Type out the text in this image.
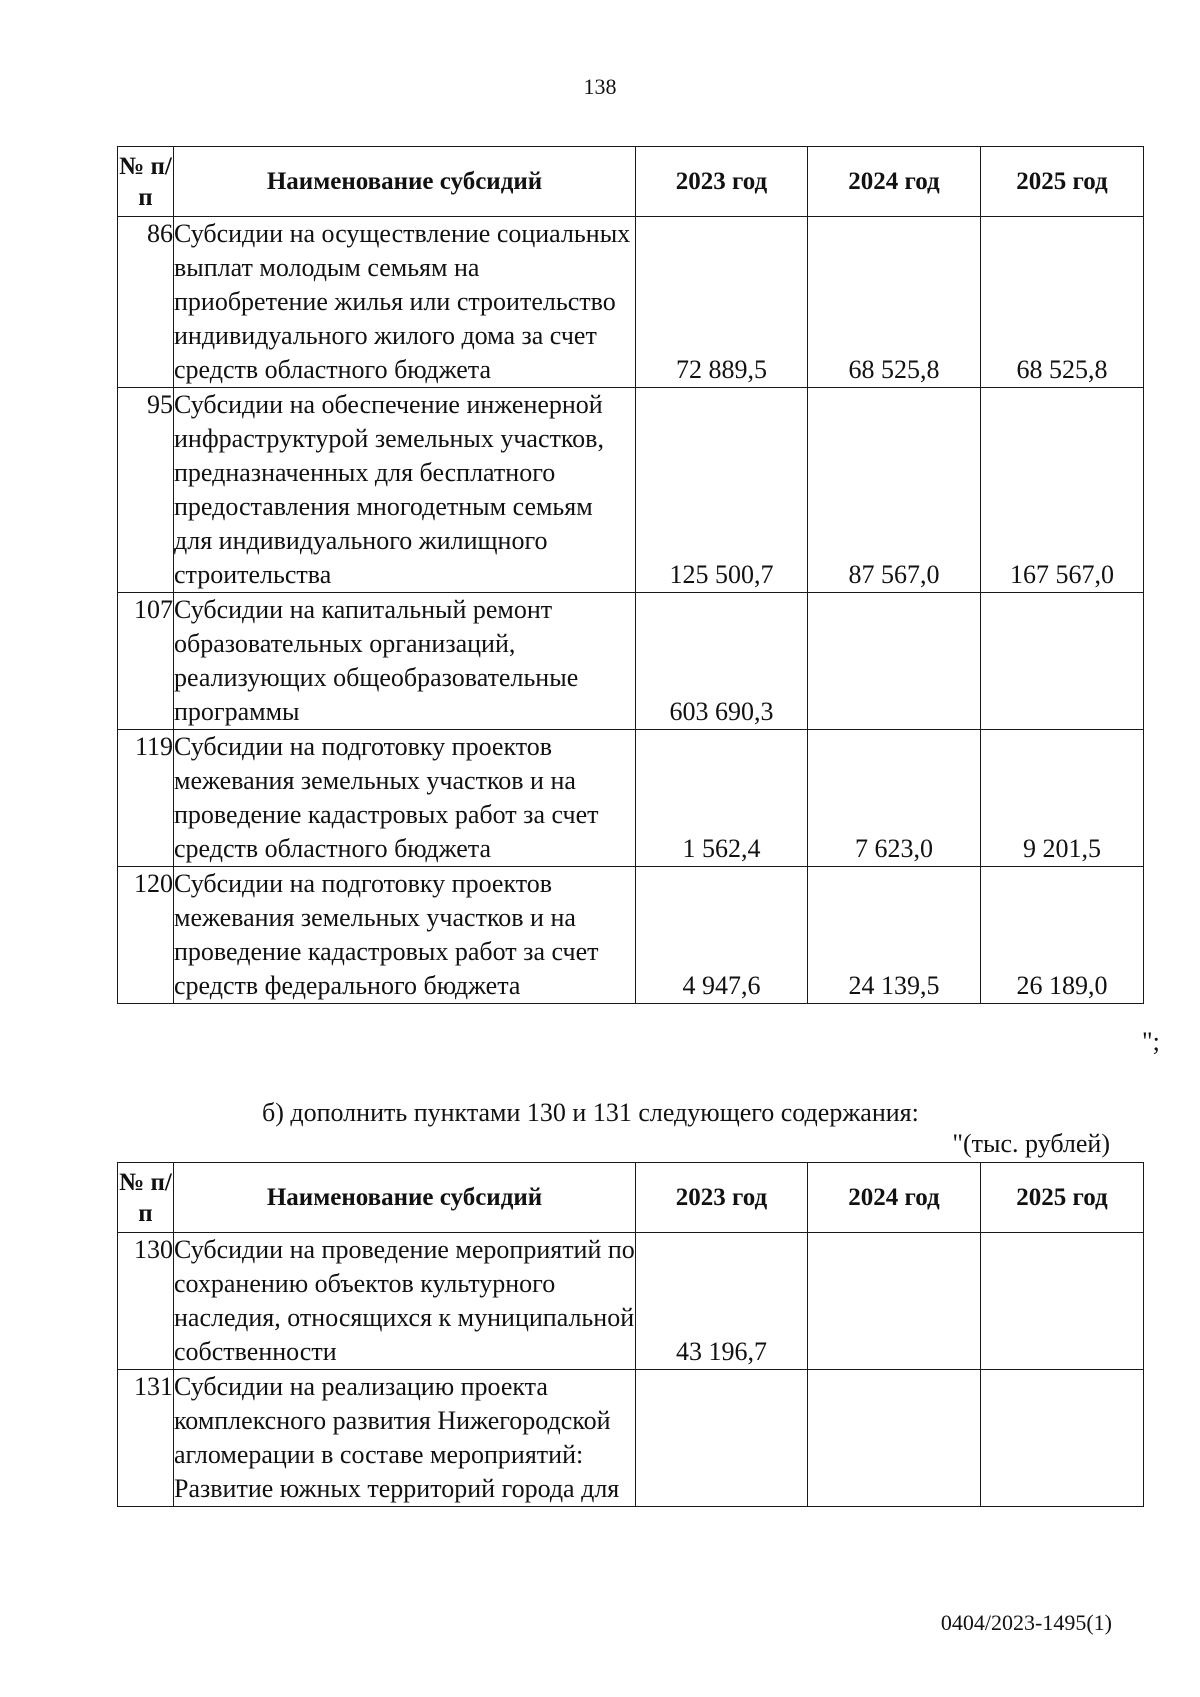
138
№ п/п	Наименование субсидий	2023 год	2024 год	2025 год
86	Субсидии на осуществление социальных выплат молодым семьям на приобретение жилья или строительство индивидуального жилого дома за счет средств областного бюджета	72 889,5	68 525,8	68 525,8
95	Субсидии на обеспечение инженерной инфраструктурой земельных участков, предназначенных для бесплатного предоставления многодетным семьям для индивидуального жилищного строительства	125 500,7	87 567,0	167 567,0
107	Субсидии на капитальный ремонт образовательных организаций, реализующих общеобразовательные программы	603 690,3		
119	Субсидии на подготовку проектов межевания земельных участков и на проведение кадастровых работ за счет средств областного бюджета	1 562,4	7 623,0	9 201,5
120	Субсидии на подготовку проектов межевания земельных участков и на проведение кадастровых работ за счет средств федерального бюджета	4 947,6	24 139,5	26 189,0
";
б) дополнить пунктами 130 и 131 следующего содержания:
"(тыс. рублей)
№ п/п	Наименование субсидий	2023 год	2024 год	2025 год
130	Субсидии на проведение мероприятий по сохранению объектов культурного наследия, относящихся к муниципальной собственности	43 196,7		
131	Субсидии на реализацию проекта комплексного развития Нижегородской агломерации в составе мероприятий: Развитие южных территорий города для			
0404/2023-1495(1)
